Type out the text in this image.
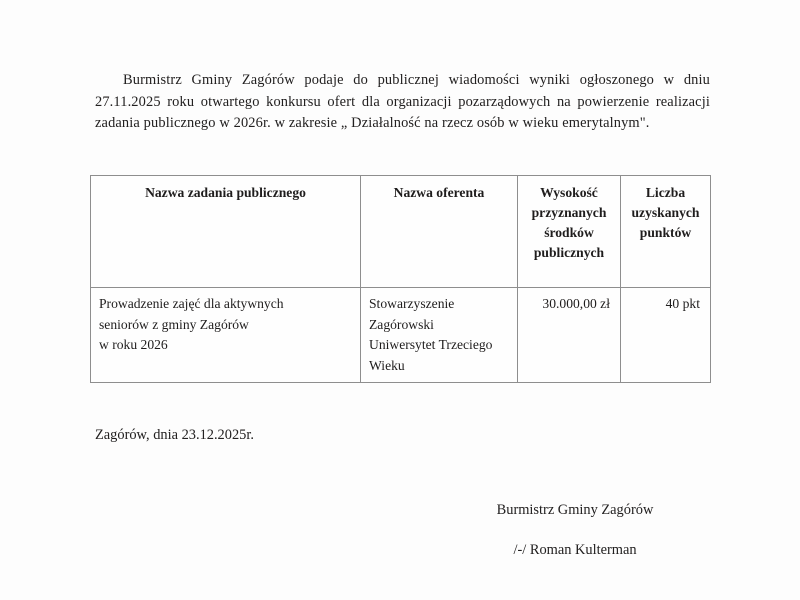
Burmistrz Gminy Zagórów podaje do publicznej wiadomości wyniki ogłoszonego w dniu 27.11.2025 roku otwartego konkursu ofert dla organizacji pozarządowych na powierzenie realizacji zadania publicznego w 2026r. w zakresie „ Działalność na rzecz osób w wieku emerytalnym".

Nazwa zadania publicznego	Nazwa oferenta	Wysokość przyznanych środków publicznych	Liczba uzyskanych punktów

Prowadzenie zajęć dla aktywnych
seniorów z gminy Zagórów
w roku 2026	Stowarzyszenie
Zagórowski
Uniwersytet Trzeciego
Wieku	30.000,00 zł	40 pkt
Zagórów, dnia 23.12.2025r.
Burmistrz Gminy Zagórów
/-/ Roman Kulterman
